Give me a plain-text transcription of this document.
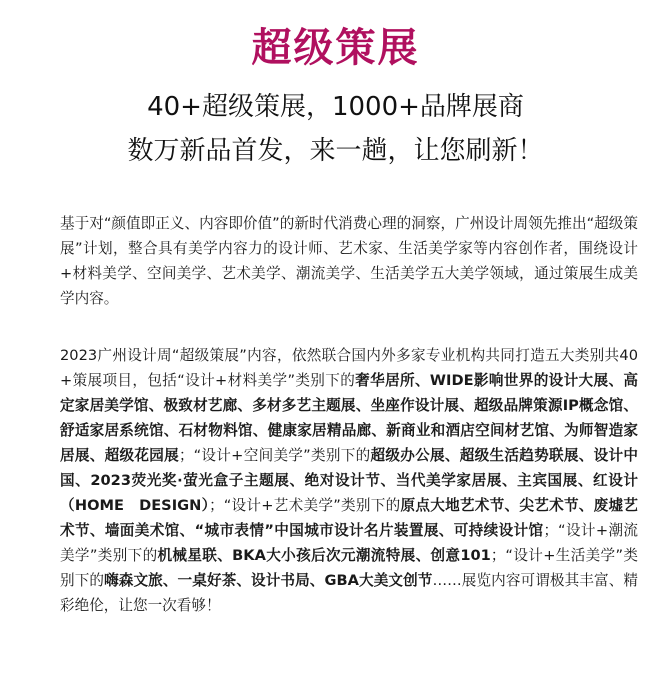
超级策展
40+超级策展，1000+品牌展商
数万新品首发，来一趟，让您刷新！
基于对“颜值即正义、内容即价值”的新时代消费心理的洞察，广州设计周领先推出“超级策展”计划，整合具有美学内容力的设计师、艺术家、生活美学家等内容创作者，围绕设计+材料美学、空间美学、艺术美学、潮流美学、生活美学五大美学领域，通过策展生成美学内容。
2023广州设计周“超级策展”内容，依然联合国内外多家专业机构共同打造五大类别共40+策展项目，包括“设计+材料美学”类别下的奢华居所、WIDE影响世界的设计大展、高定家居美学馆、极致材艺廊、多材多艺主题展、坐座作设计展、超级品牌策源IP概念馆、舒适家居系统馆、石材物料馆、健康家居精品廊、新商业和酒店空间材艺馆、为师智造家居展、超级花园展；“设计+空间美学”类别下的超级办公展、超级生活趋势联展、设计中国、2023荧光奖·萤光盒子主题展、绝对设计节、当代美学家居展、主宾国展、红设计（HOME　DESIGN）；“设计+艺术美学”类别下的原点大地艺术节、尖艺术节、废墟艺术节、墙面美术馆、“城市表情”中国城市设计名片装置展、可持续设计馆；“设计+潮流美学”类别下的机械星联、BKA大小孩后次元潮流特展、创意101；“设计+生活美学”类别下的嗨森文旅、一桌好茶、设计书局、GBA大美文创节……展览内容可谓极其丰富、精彩绝伦，让您一次看够！
